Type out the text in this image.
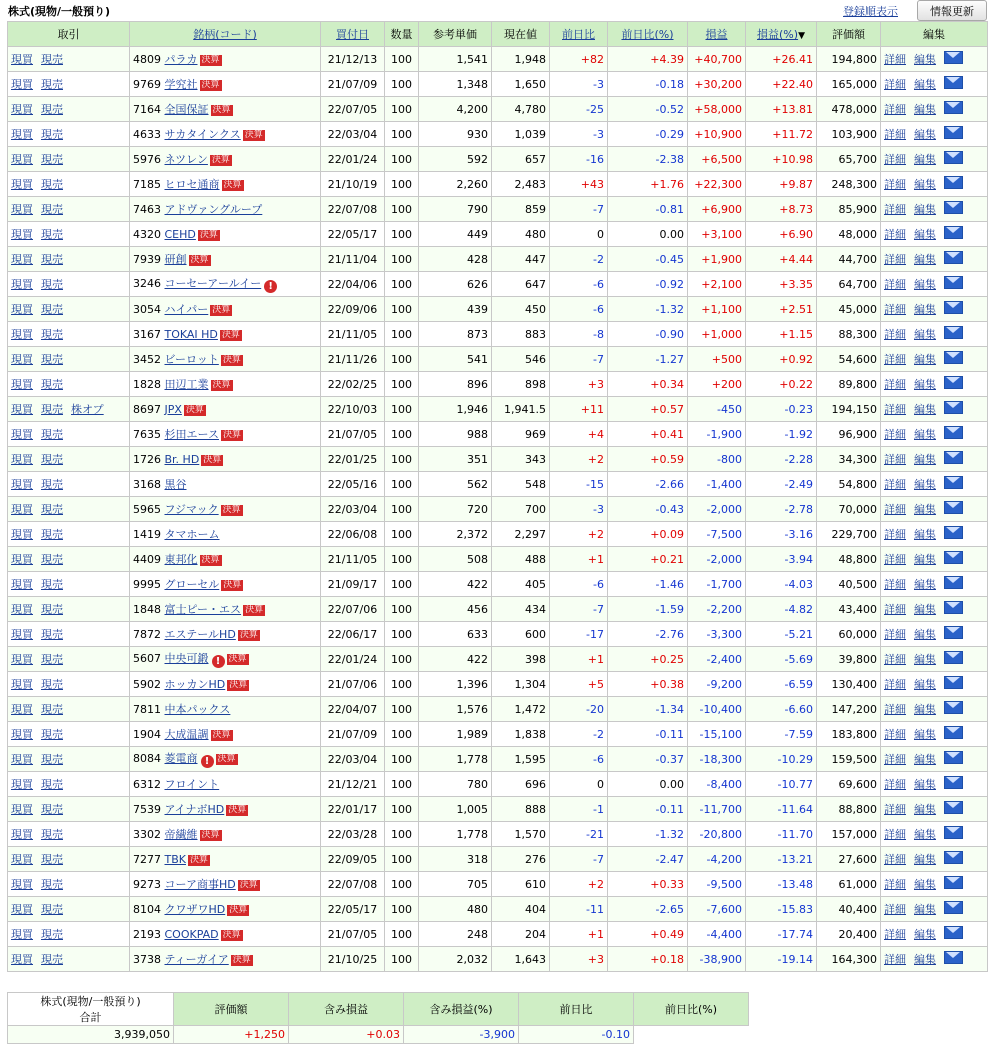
株式(現物/一般預り)	登録順表示	情報更新
取引	銘柄(コード)	買付日	数量	参考単価	現在値	前日比	前日比(%)	損益	損益(%)▼	評価額	編集
現買 現売	4809 パラカ 決算	21/12/13	100	1,541	1,948	+82	+4.39	+40,700	+26.41	194,800	詳細 編集
現買 現売	9769 学究社 決算	21/07/09	100	1,348	1,650	-3	-0.18	+30,200	+22.40	165,000	詳細 編集
現買 現売	7164 全国保証 決算	22/07/05	100	4,200	4,780	-25	-0.52	+58,000	+13.81	478,000	詳細 編集
現買 現売	4633 サカタインクス 決算	22/03/04	100	930	1,039	-3	-0.29	+10,900	+11.72	103,900	詳細 編集
現買 現売	5976 ネツレン 決算	22/01/24	100	592	657	-16	-2.38	+6,500	+10.98	65,700	詳細 編集
現買 現売	7185 ヒロセ通商 決算	21/10/19	100	2,260	2,483	+43	+1.76	+22,300	+9.87	248,300	詳細 編集
現買 現売	7463 アドヴァングループ	22/07/08	100	790	859	-7	-0.81	+6,900	+8.73	85,900	詳細 編集
現買 現売	4320 CEHD 決算	22/05/17	100	449	480	0	0.00	+3,100	+6.90	48,000	詳細 編集
現買 現売	7939 研創 決算	21/11/04	100	428	447	-2	-0.45	+1,900	+4.44	44,700	詳細 編集
現買 現売	3246 コーセーアールイー !	22/04/06	100	626	647	-6	-0.92	+2,100	+3.35	64,700	詳細 編集
現買 現売	3054 ハイパー 決算	22/09/06	100	439	450	-6	-1.32	+1,100	+2.51	45,000	詳細 編集
現買 現売	3167 TOKAI HD 決算	21/11/05	100	873	883	-8	-0.90	+1,000	+1.15	88,300	詳細 編集
現買 現売	3452 ビーロット 決算	21/11/26	100	541	546	-7	-1.27	+500	+0.92	54,600	詳細 編集
現買 現売	1828 田辺工業 決算	22/02/25	100	896	898	+3	+0.34	+200	+0.22	89,800	詳細 編集
現買 現売 株オプ	8697 JPX 決算	22/10/03	100	1,946	1,941.5	+11	+0.57	-450	-0.23	194,150	詳細 編集
現買 現売	7635 杉田エース 決算	21/07/05	100	988	969	+4	+0.41	-1,900	-1.92	96,900	詳細 編集
現買 現売	1726 Br. HD 決算	22/01/25	100	351	343	+2	+0.59	-800	-2.28	34,300	詳細 編集
現買 現売	3168 黒谷	22/05/16	100	562	548	-15	-2.66	-1,400	-2.49	54,800	詳細 編集
現買 現売	5965 フジマック 決算	22/03/04	100	720	700	-3	-0.43	-2,000	-2.78	70,000	詳細 編集
現買 現売	1419 タマホーム	22/06/08	100	2,372	2,297	+2	+0.09	-7,500	-3.16	229,700	詳細 編集
現買 現売	4409 東邦化 決算	21/11/05	100	508	488	+1	+0.21	-2,000	-3.94	48,800	詳細 編集
現買 現売	9995 グローセル 決算	21/09/17	100	422	405	-6	-1.46	-1,700	-4.03	40,500	詳細 編集
現買 現売	1848 富士ピー・エス 決算	22/07/06	100	456	434	-7	-1.59	-2,200	-4.82	43,400	詳細 編集
現買 現売	7872 エステールHD 決算	22/06/17	100	633	600	-17	-2.76	-3,300	-5.21	60,000	詳細 編集
現買 現売	5607 中央可鍛 ! 決算	22/01/24	100	422	398	+1	+0.25	-2,400	-5.69	39,800	詳細 編集
現買 現売	5902 ホッカンHD 決算	21/07/06	100	1,396	1,304	+5	+0.38	-9,200	-6.59	130,400	詳細 編集
現買 現売	7811 中本パックス	22/04/07	100	1,576	1,472	-20	-1.34	-10,400	-6.60	147,200	詳細 編集
現買 現売	1904 大成温調 決算	21/07/09	100	1,989	1,838	-2	-0.11	-15,100	-7.59	183,800	詳細 編集
現買 現売	8084 菱電商 ! 決算	22/03/04	100	1,778	1,595	-6	-0.37	-18,300	-10.29	159,500	詳細 編集
現買 現売	6312 フロイント	21/12/21	100	780	696	0	0.00	-8,400	-10.77	69,600	詳細 編集
現買 現売	7539 アイナボHD 決算	22/01/17	100	1,005	888	-1	-0.11	-11,700	-11.64	88,800	詳細 編集
現買 現売	3302 帝繊維 決算	22/03/28	100	1,778	1,570	-21	-1.32	-20,800	-11.70	157,000	詳細 編集
現買 現売	7277 TBK 決算	22/09/05	100	318	276	-7	-2.47	-4,200	-13.21	27,600	詳細 編集
現買 現売	9273 コーア商事HD 決算	22/07/08	100	705	610	+2	+0.33	-9,500	-13.48	61,000	詳細 編集
現買 現売	8104 クワザワHD 決算	22/05/17	100	480	404	-11	-2.65	-7,600	-15.83	40,400	詳細 編集
現買 現売	2193 COOKPAD 決算	21/07/05	100	248	204	+1	+0.49	-4,400	-17.74	20,400	詳細 編集
現買 現売	3738 ティーガイア 決算	21/10/25	100	2,032	1,643	+3	+0.18	-38,900	-19.14	164,300	詳細 編集
株式(現物/一般預り)
合計	評価額	含み損益	含み損益(%)	前日比	前日比(%)
3,939,050	+1,250	+0.03	-3,900	-0.10	
